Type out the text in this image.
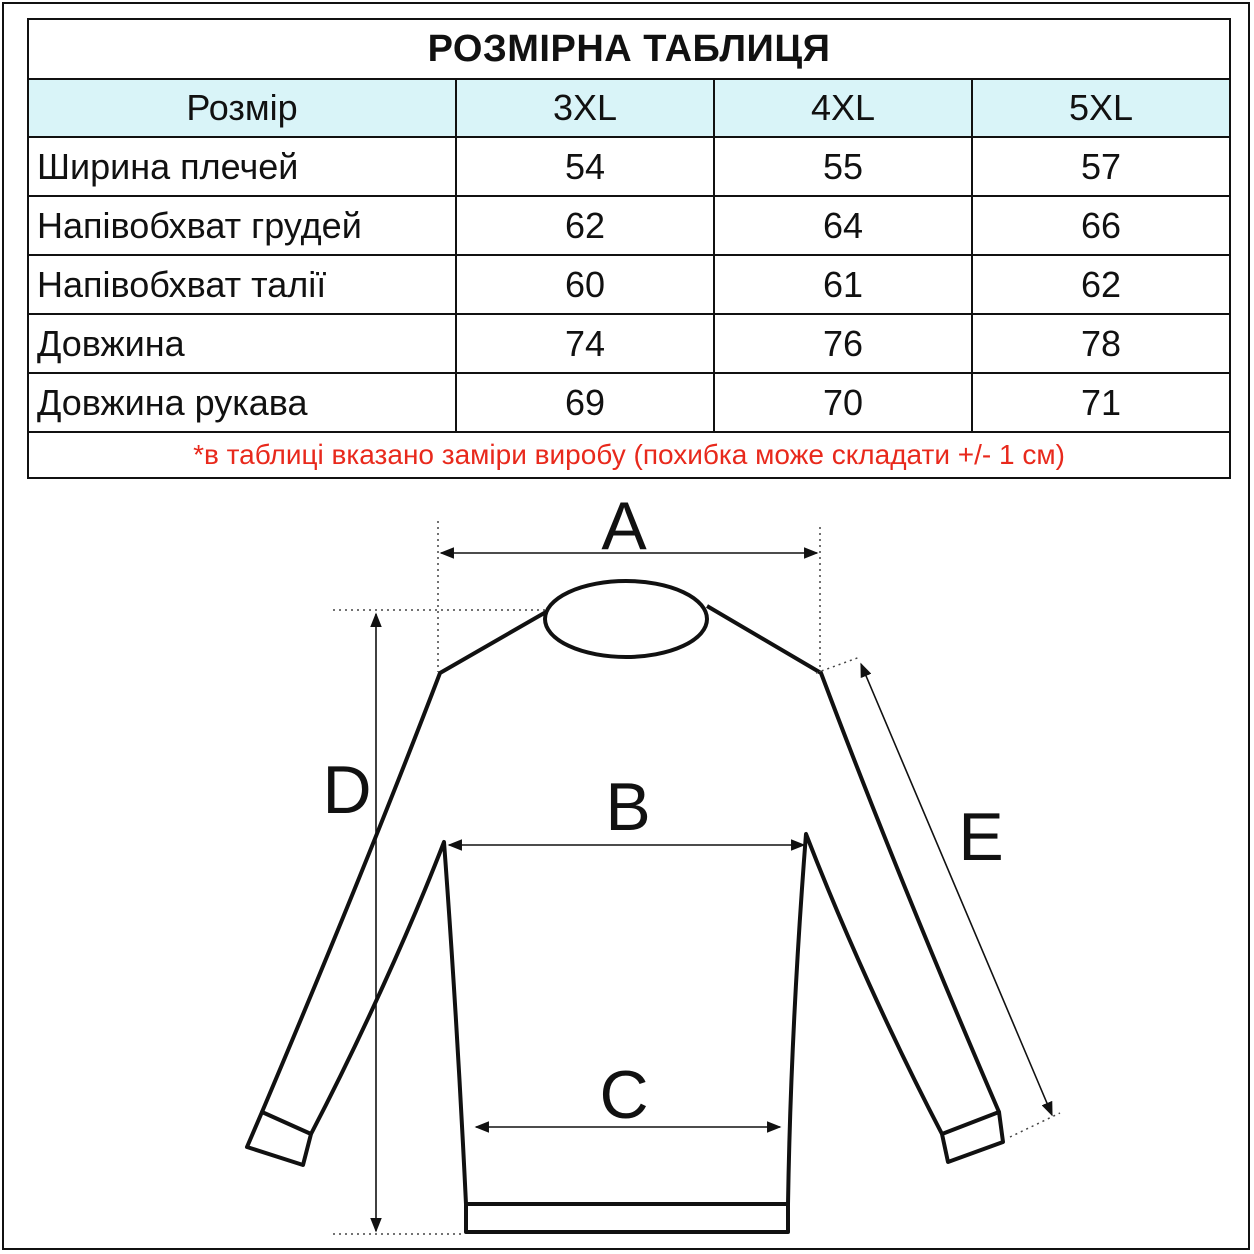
РОЗМІРНА ТАБЛИЦЯ			
Розмір	3XL	4XL	5XL
Ширина плечей	54	55	57
Напівобхват грудей	62	64	66
Напівобхват талії	60	61	62
Довжина	74	76	78
Довжина рукава	69	70	71
*в таблиці вказано заміри виробу (похибка може складати +/- 1 см)			
A
B
C
D
E
